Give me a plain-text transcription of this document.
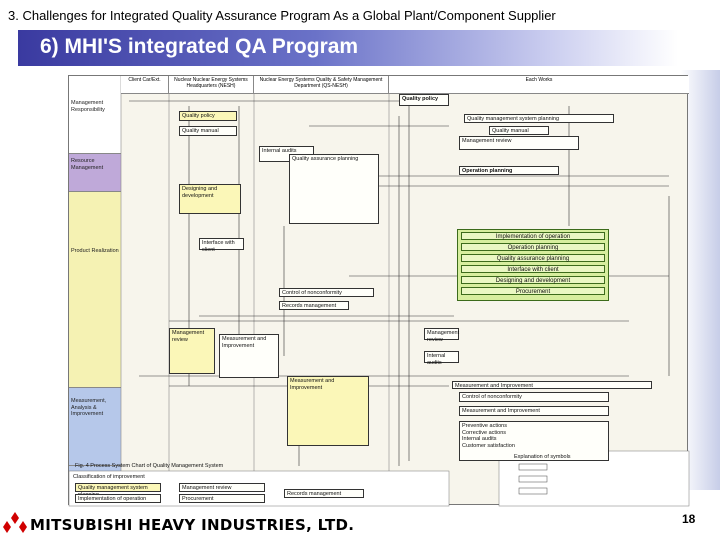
3. Challenges for Integrated Quality Assurance Program As a Global Plant/Component Supplier
6) MHI'S integrated QA Program
Client Car/Ext.	Nuclear Nuclear Energy Systems Headquarters (NESH)
Nuclear Energy Systems Quality & Safety Management Department (QS-NESH)
Each Works
Management Responsibility
Resource Management
Product Realization
Measurement, Analysis & Improvement
Quality policy
Quality management system planning
Quality manual
Quality policy
Quality manual
Internal audits
Management review
Designing and development
Quality assurance planning
Interface with client
Operation planning
Implementation of operation
Operation planning
Quality assurance planning
Interface with client
Designing and development
Procurement
Control of nonconformity
Records management
Management review	Measurement and Improvement
Management review
Internal audits
Measurement and Improvement	Measurement and Improvement
Control of nonconformity
Measurement and Improvement
Preventive actions
Corrective actions
Internal audits
Customer satisfaction
Fig. 4 Process System Chart of Quality Management System
Classification of improvement
Quality management system	Management review
Implementation of operation	Procurement
Records management
Explanation of symbols
MITSUBISHI HEAVY INDUSTRIES, LTD.	18
